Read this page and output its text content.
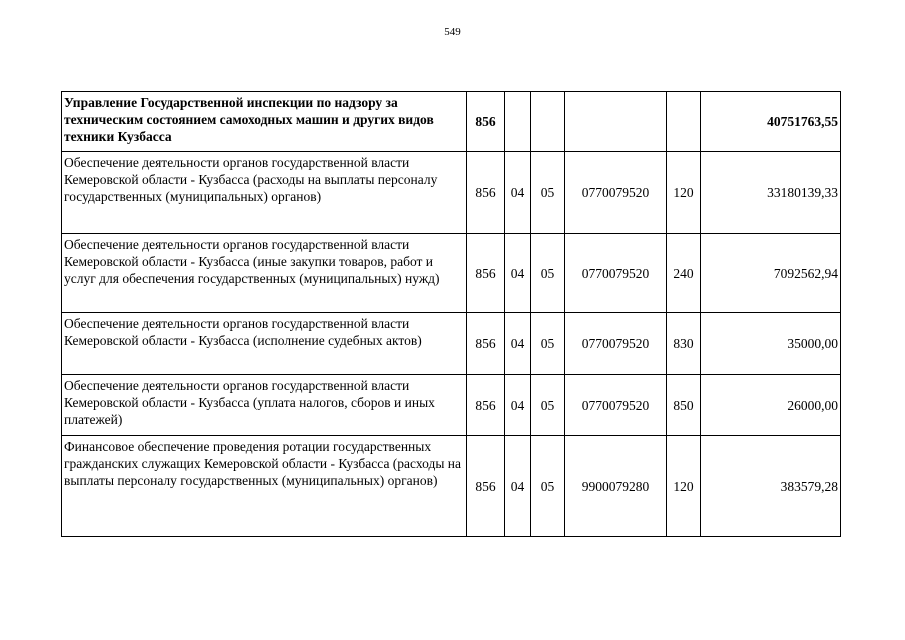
549
Управление Государственной инспекции по надзору за техническим состоянием самоходных машин и других видов техники Кузбасса	856					40751763,55
Обеспечение деятельности органов государственной власти Кемеровской области - Кузбасса (расходы на выплаты персоналу государственных (муниципальных) органов)	856	04	05	0770079520	120	33180139,33
Обеспечение деятельности органов государственной власти Кемеровской области - Кузбасса (иные закупки товаров, работ и услуг для обеспечения государственных (муниципальных) нужд)	856	04	05	0770079520	240	7092562,94
Обеспечение деятельности органов государственной власти Кемеровской области - Кузбасса (исполнение судебных актов)	856	04	05	0770079520	830	35000,00
Обеспечение деятельности органов государственной власти Кемеровской области - Кузбасса (уплата налогов, сборов и иных платежей)	856	04	05	0770079520	850	26000,00
Финансовое обеспечение проведения ротации государственных гражданских служащих Кемеровской области - Кузбасса (расходы на выплаты персоналу государственных (муниципальных) органов)	856	04	05	9900079280	120	383579,28
